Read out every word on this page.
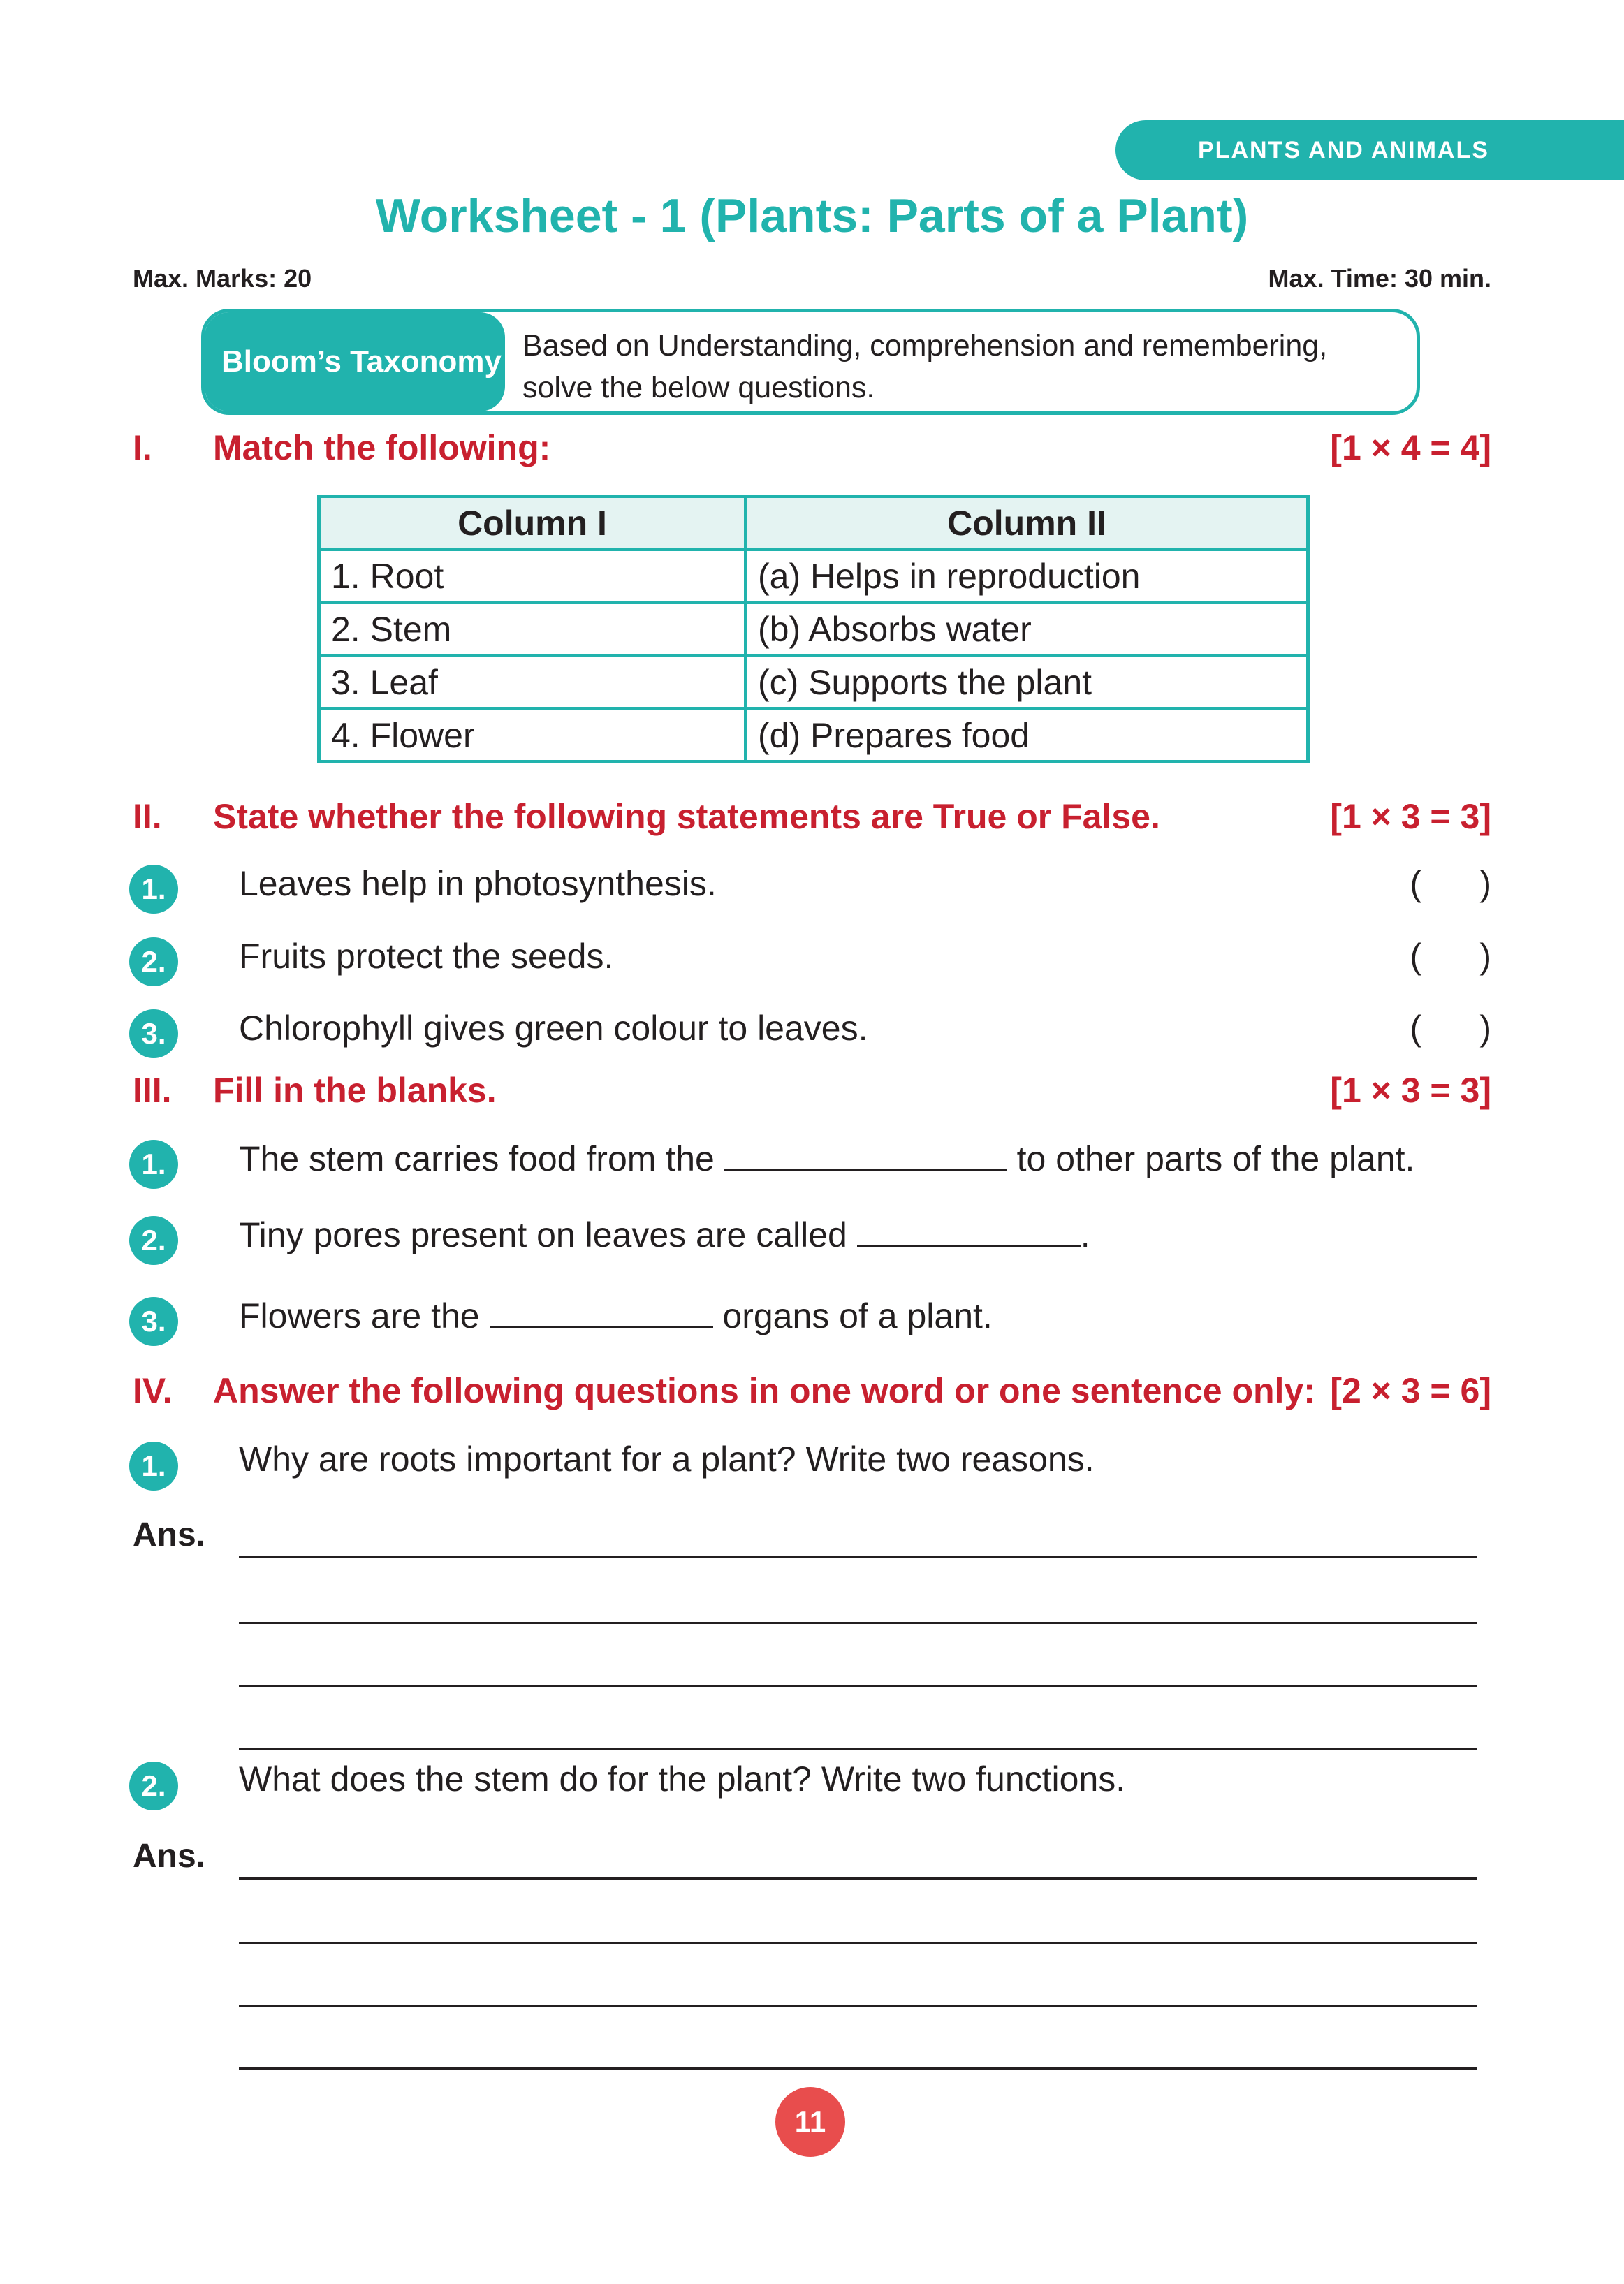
PLANTS AND ANIMALS
Worksheet - 1 (Plants: Parts of a Plant)
Max. Marks: 20	Max. Time: 30 min.
Bloom’s Taxonomy Based on Understanding, comprehension and remembering, solve the below questions.
I. Match the following:	[1 × 4 = 4]
Column I	Column II
1. Root	(a) Helps in reproduction
2. Stem	(b) Absorbs water
3. Leaf	(c) Supports the plant
4. Flower	(d) Prepares food
II. State whether the following statements are True or False.	[1 × 3 = 3]
1.	Leaves help in photosynthesis.	(      )
2.	Fruits protect the seeds.	(      )
3.	Chlorophyll gives green colour to leaves.	(      )
III. Fill in the blanks.	[1 × 3 = 3]
1.	The stem carries food from the	to other parts of the plant.
2.	Tiny pores present on leaves are called	.
3.	Flowers are the	organs of a plant.
IV. Answer the following questions in one word or one sentence only: [2 × 3 = 6]
1.	Why are roots important for a plant? Write two reasons.
Ans.
2.	What does the stem do for the plant? Write two functions.
Ans.
11
